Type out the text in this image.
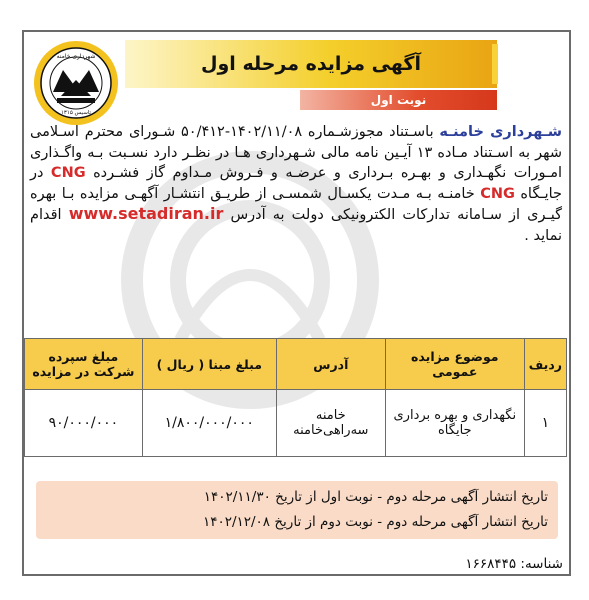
شهرداری خامنه
تاسیس ۱۳۱۵
آگهی مزایده مرحله اول
نوبت اول
شـهرداری خامنـه باسـتناد مجوزشـماره ۱۴۰۲/۱۱/۰۸-۵۰/۴۱۲ شـورای محترم اسـلامی شهر به اسـتناد مـاده ۱۳ آیـین نامه مالی شـهرداری هـا در نظـر دارد نسـبت بـه واگـذاری امـورات نگهـداری و بهـره بـرداری و عرضـه و فـروش مـداوم گاز فشـرده CNG در جایـگاه CNG خامنـه بـه مـدت یکسـال شمسـی از طریـق انتشـار آگهـی مزایده بـا بهره گیـری از سـامانه تدارکات الکترونیکی دولت به آدرس www.setadiran.ir اقدام نماید .
ردیف	موضوع مزایده عمومی	آدرس	مبلغ مبنا ( ریال )	مبلغ سپرده شرکت در مزایده
۱	نگهداری و بهره برداری جایگاه	خامنه سه‌راهی‌خامنه	۱/۸۰۰/۰۰۰/۰۰۰	۹۰/۰۰۰/۰۰۰
تاریخ انتشار آگهی مرحله دوم - نوبت اول از تاریخ ۱۴۰۲/۱۱/۳۰
تاریخ انتشار آگهی مرحله دوم - نوبت دوم از تاریخ ۱۴۰۲/۱۲/۰۸
شناسه: ۱۶۶۸۴۴۵
